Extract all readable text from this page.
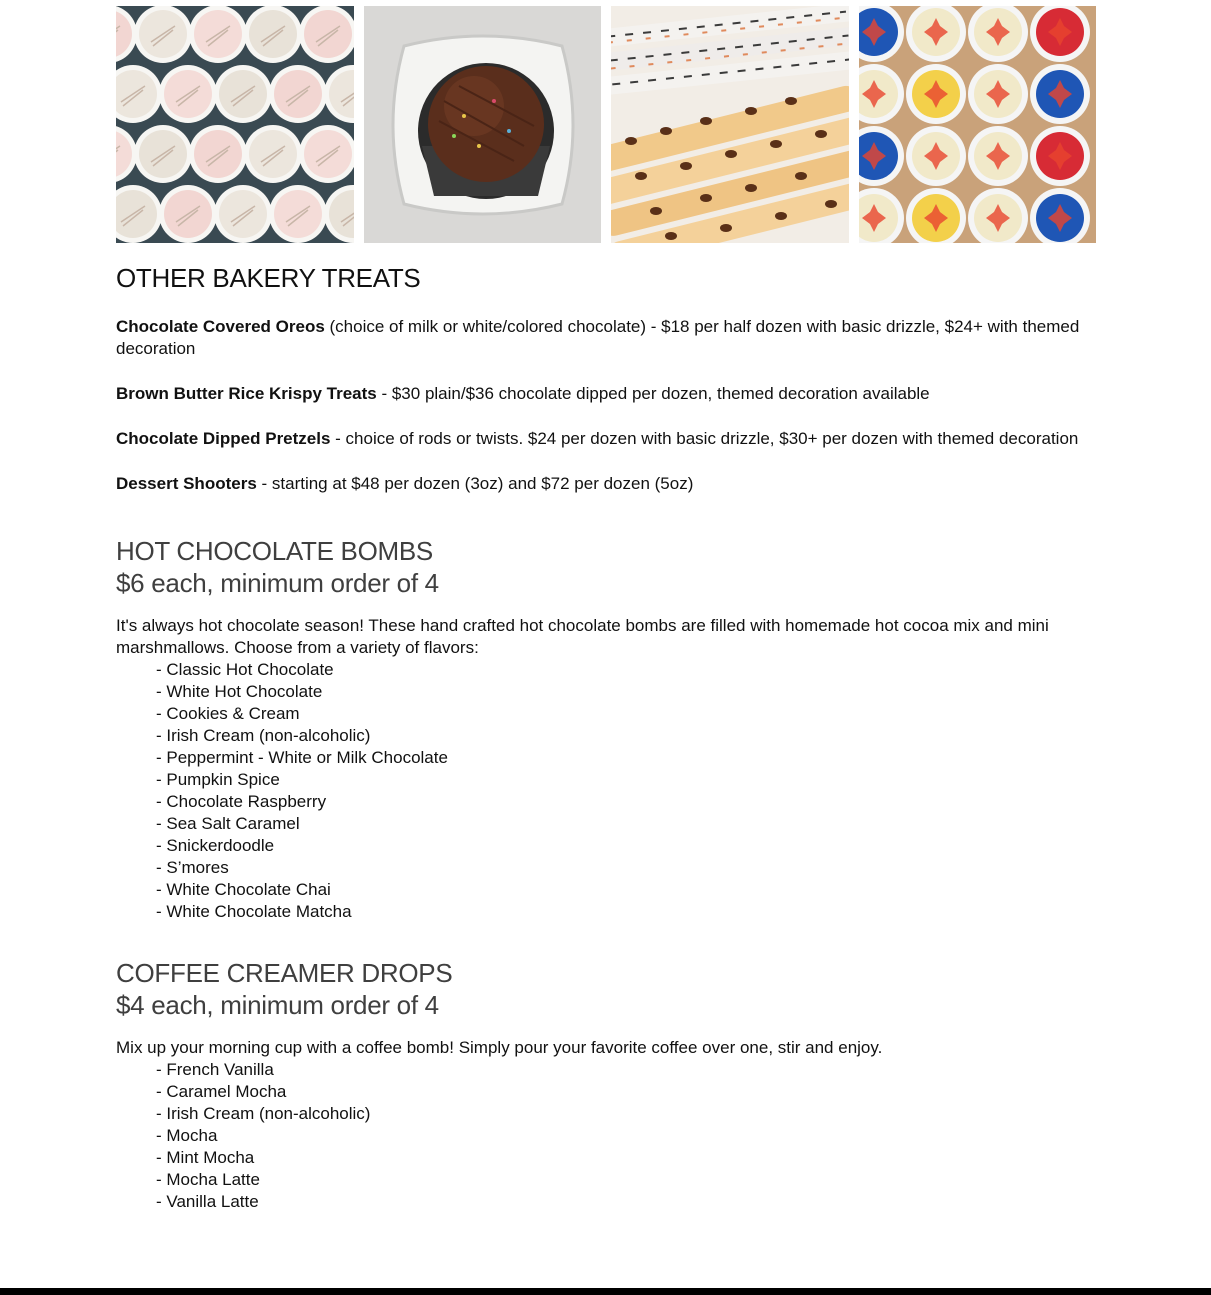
OTHER BAKERY TREATS

Chocolate Covered Oreos (choice of milk or white/colored chocolate) - $18 per half dozen with basic drizzle, $24+ with themed decoration

Brown Butter Rice Krispy Treats - $30 plain/$36 chocolate dipped per dozen, themed decoration available

Chocolate Dipped Pretzels - choice of rods or twists. $24 per dozen with basic drizzle, $30+ per dozen with themed decoration

Dessert Shooters - starting at $48 per dozen (3oz) and $72 per dozen (5oz)

HOT CHOCOLATE BOMBS
$6 each, minimum order of 4

It's always hot chocolate season! These hand crafted hot chocolate bombs are filled with homemade hot cocoa mix and mini marshmallows. Choose from a variety of flavors:

- Classic Hot Chocolate
- White Hot Chocolate
- Cookies & Cream
- Irish Cream (non-alcoholic)
- Peppermint - White or Milk Chocolate
- Pumpkin Spice
- Chocolate Raspberry
- Sea Salt Caramel
- Snickerdoodle
- S’mores
- White Chocolate Chai
- White Chocolate Matcha
COFFEE CREAMER DROPS
$4 each, minimum order of 4

Mix up your morning cup with a coffee bomb! Simply pour your favorite coffee over one, stir and enjoy.

- French Vanilla
- Caramel Mocha
- Irish Cream (non-alcoholic)
- Mocha
- Mint Mocha
- Mocha Latte
- Vanilla Latte
